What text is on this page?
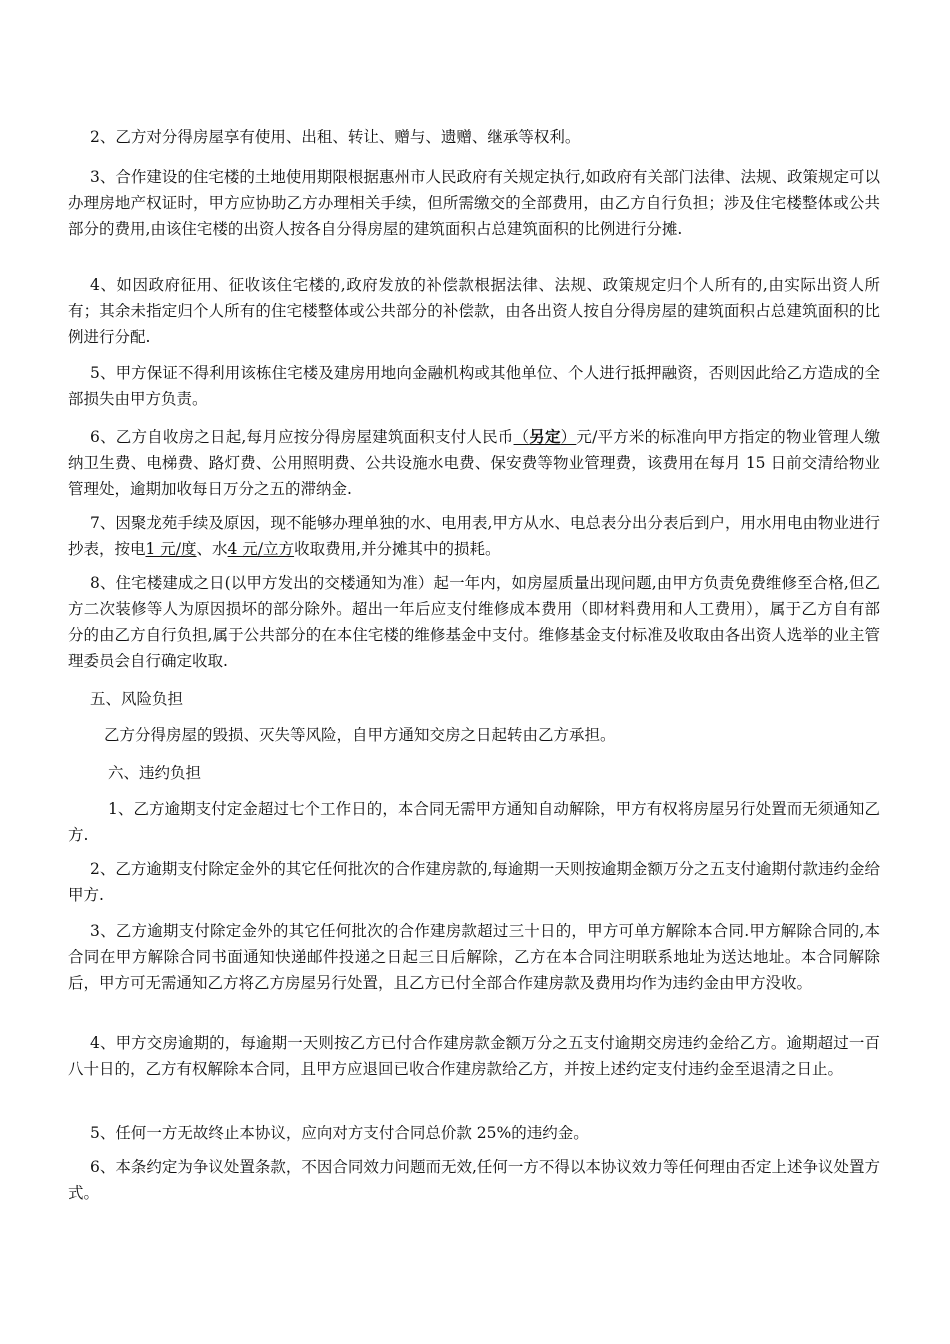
2、乙方对分得房屋享有使用、出租、转让、赠与、遗赠、继承等权利。

3、合作建设的住宅楼的土地使用期限根据惠州市人民政府有关规定执行,如政府有关部门法律、法规、政策规定可以办理房地产权证时，甲方应协助乙方办理相关手续，但所需缴交的全部费用，由乙方自行负担；涉及住宅楼整体或公共部分的费用,由该住宅楼的出资人按各自分得房屋的建筑面积占总建筑面积的比例进行分摊.

4、如因政府征用、征收该住宅楼的,政府发放的补偿款根据法律、法规、政策规定归个人所有的,由实际出资人所有；其余未指定归个人所有的住宅楼整体或公共部分的补偿款，由各出资人按自分得房屋的建筑面积占总建筑面积的比例进行分配.

5、甲方保证不得利用该栋住宅楼及建房用地向金融机构或其他单位、个人进行抵押融资，否则因此给乙方造成的全部损失由甲方负责。

6、乙方自收房之日起,每月应按分得房屋建筑面积支付人民币（另定）元/平方米的标准向甲方指定的物业管理人缴纳卫生费、电梯费、路灯费、公用照明费、公共设施水电费、保安费等物业管理费，该费用在每月 15 日前交清给物业管理处，逾期加收每日万分之五的滞纳金.

7、因聚龙苑手续及原因，现不能够办理单独的水、电用表,甲方从水、电总表分出分表后到户，用水用电由物业进行抄表，按电1 元/度、水4 元/立方收取费用,并分摊其中的损耗。

8、住宅楼建成之日(以甲方发出的交楼通知为准）起一年内，如房屋质量出现问题,由甲方负责免费维修至合格,但乙方二次装修等人为原因损坏的部分除外。超出一年后应支付维修成本费用（即材料费用和人工费用），属于乙方自有部分的由乙方自行负担,属于公共部分的在本住宅楼的维修基金中支付。维修基金支付标准及收取由各出资人选举的业主管理委员会自行确定收取.

五、风险负担

乙方分得房屋的毁损、灭失等风险，自甲方通知交房之日起转由乙方承担。

六、违约负担

1、乙方逾期支付定金超过七个工作日的，本合同无需甲方通知自动解除，甲方有权将房屋另行处置而无须通知乙方.

2、乙方逾期支付除定金外的其它任何批次的合作建房款的,每逾期一天则按逾期金额万分之五支付逾期付款违约金给甲方.

3、乙方逾期支付除定金外的其它任何批次的合作建房款超过三十日的，甲方可单方解除本合同.甲方解除合同的,本合同在甲方解除合同书面通知快递邮件投递之日起三日后解除，乙方在本合同注明联系地址为送达地址。本合同解除后，甲方可无需通知乙方将乙方房屋另行处置，且乙方已付全部合作建房款及费用均作为违约金由甲方没收。

4、甲方交房逾期的，每逾期一天则按乙方已付合作建房款金额万分之五支付逾期交房违约金给乙方。逾期超过一百八十日的，乙方有权解除本合同，且甲方应退回已收合作建房款给乙方，并按上述约定支付违约金至退清之日止。

5、任何一方无故终止本协议，应向对方支付合同总价款 25%的违约金。

6、本条约定为争议处置条款，不因合同效力问题而无效,任何一方不得以本协议效力等任何理由否定上述争议处置方式。
